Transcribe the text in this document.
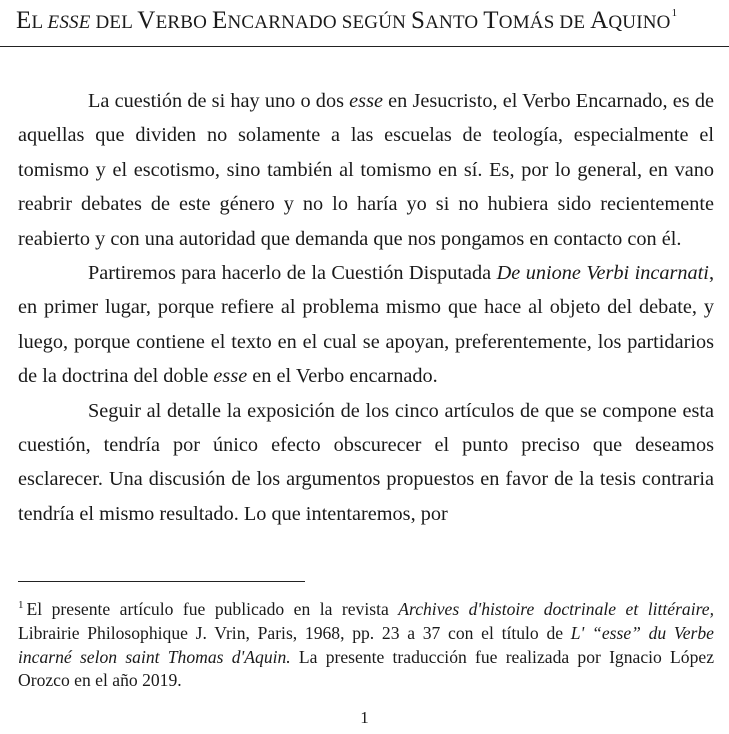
EL ESSE DEL VERBO ENCARNADO SEGÚN SANTO TOMÁS DE AQUINO$^1$

La cuestión de si hay uno o dos esse en Jesucristo, el Verbo Encarnado, es de aquellas que dividen no solamente a las escuelas de teología, especialmente el tomismo y el escotismo, sino también al tomismo en sí. Es, por lo general, en vano reabrir debates de este género y no lo haría yo si no hubiera sido recientemente reabierto y con una autoridad que demanda que nos pongamos en contacto con él.

Partiremos para hacerlo de la Cuestión Disputada De unione Verbi incarnati, en primer lugar, porque refiere al problema mismo que hace al objeto del debate, y luego, porque contiene el texto en el cual se apoyan, preferentemente, los partidarios de la doctrina del doble esse en el Verbo encarnado.

Seguir al detalle la exposición de los cinco artículos de que se compone esta cuestión, tendría por único efecto obscurecer el punto preciso que deseamos esclarecer. Una discusión de los argumentos propuestos en favor de la tesis contraria tendría el mismo resultado. Lo que intentaremos, por

$^1$ El presente artículo fue publicado en la revista Archives d'histoire doctrinale et littéraire, Librairie Philosophique J. Vrin, Paris, 1968, pp. 23 a 37 con el título de L' “esse” du Verbe incarné selon saint Thomas d'Aquin. La presente traducción fue realizada por Ignacio López Orozco en el año 2019.
1
